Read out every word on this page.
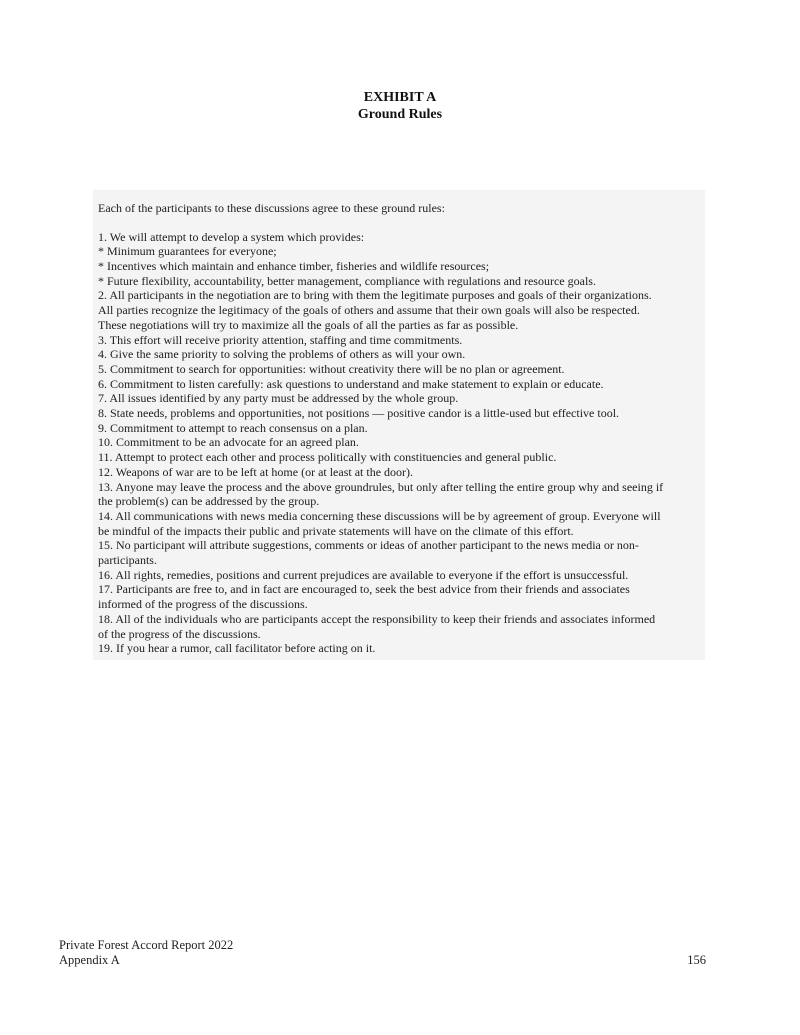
EXHIBIT A
Ground Rules
Each of the participants to these discussions agree to these ground rules:
1. We will attempt to develop a system which provides:
* Minimum guarantees for everyone;
* Incentives which maintain and enhance timber, fisheries and wildlife resources;
* Future flexibility, accountability, better management, compliance with regulations and resource goals.
2. All participants in the negotiation are to bring with them the legitimate purposes and goals of their organizations.
All parties recognize the legitimacy of the goals of others and assume that their own goals will also be respected.
These negotiations will try to maximize all the goals of all the parties as far as possible.
3. This effort will receive priority attention, staffing and time commitments.
4. Give the same priority to solving the problems of others as will your own.
5. Commitment to search for opportunities: without creativity there will be no plan or agreement.
6. Commitment to listen carefully: ask questions to understand and make statement to explain or educate.
7. All issues identified by any party must be addressed by the whole group.
8. State needs, problems and opportunities, not positions — positive candor is a little-used but effective tool.
9. Commitment to attempt to reach consensus on a plan.
10. Commitment to be an advocate for an agreed plan.
11. Attempt to protect each other and process politically with constituencies and general public.
12. Weapons of war are to be left at home (or at least at the door).
13. Anyone may leave the process and the above groundrules, but only after telling the entire group why and seeing if
the problem(s) can be addressed by the group.
14. All communications with news media concerning these discussions will be by agreement of group. Everyone will
be mindful of the impacts their public and private statements will have on the climate of this effort.
15. No participant will attribute suggestions, comments or ideas of another participant to the news media or non-
participants.
16. All rights, remedies, positions and current prejudices are available to everyone if the effort is unsuccessful.
17. Participants are free to, and in fact are encouraged to, seek the best advice from their friends and associates
informed of the progress of the discussions.
18. All of the individuals who are participants accept the responsibility to keep their friends and associates informed
of the progress of the discussions.
19. If you hear a rumor, call facilitator before acting on it.
Private Forest Accord Report 2022
Appendix A	156
